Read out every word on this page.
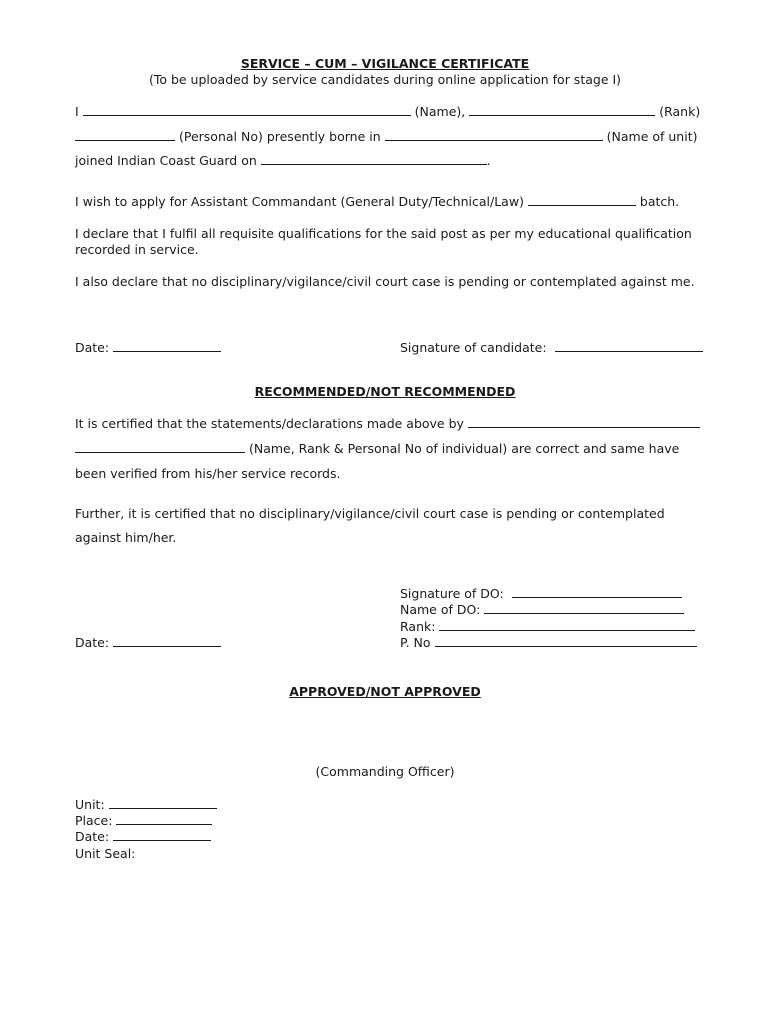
SERVICE – CUM – VIGILANCE CERTIFICATE
(To be uploaded by service candidates during online application for stage I)
I	(Name),	(Rank)
(Personal No) presently borne in	(Name of unit)
joined Indian Coast Guard on	.
I wish to apply for Assistant Commandant (General Duty/Technical/Law)	batch.
I declare that I fulfil all requisite qualifications for the said post as per my educational qualification
recorded in service.
I also declare that no disciplinary/vigilance/civil court case is pending or contemplated against me.
Date:	Signature of candidate:
RECOMMENDED/NOT RECOMMENDED
It is certified that the statements/declarations made above by
(Name, Rank & Personal No of individual) are correct and same have
been verified from his/her service records.
Further, it is certified that no disciplinary/vigilance/civil court case is pending or contemplated
against him/her.
Signature of DO:
Name of DO:
Rank:
P. No
Date:
APPROVED/NOT APPROVED
(Commanding Officer)
Unit:
Place:
Date:
Unit Seal:
